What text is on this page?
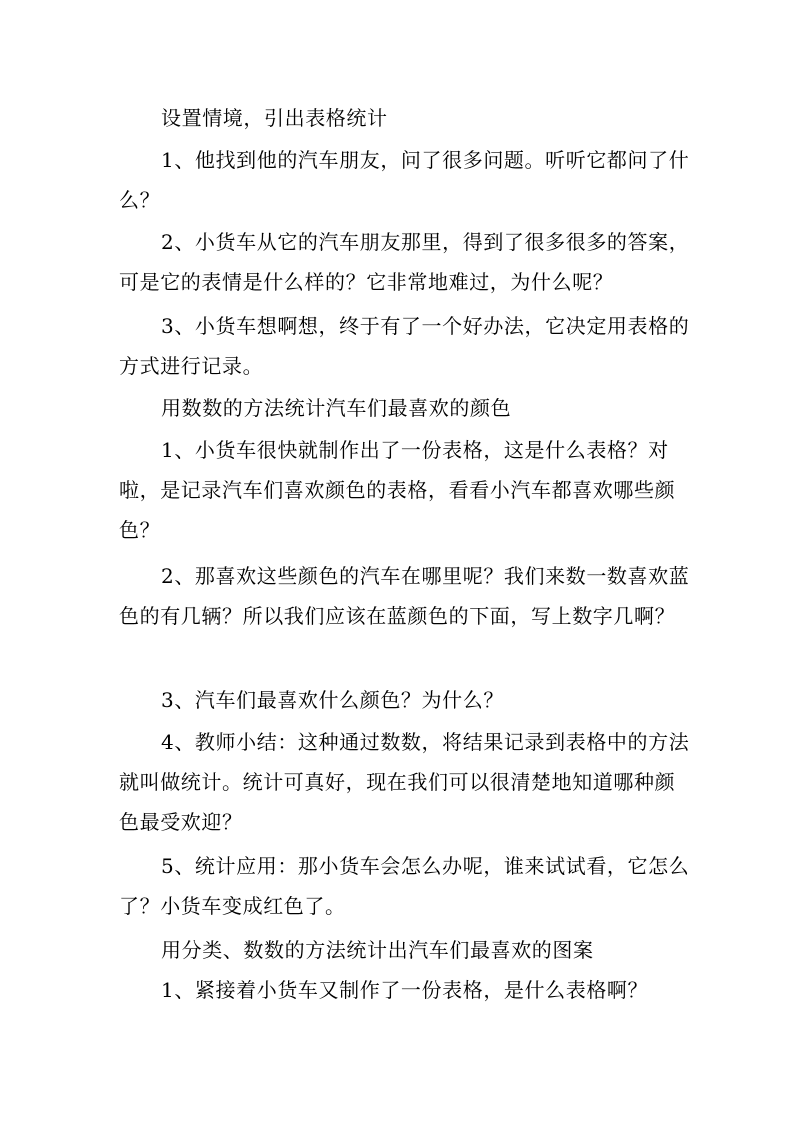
设置情境，引出表格统计

1、他找到他的汽车朋友，问了很多问题。听听它都问了什么？

2、小货车从它的汽车朋友那里，得到了很多很多的答案，可是它的表情是什么样的？它非常地难过，为什么呢？

3、小货车想啊想，终于有了一个好办法，它决定用表格的方式进行记录。

用数数的方法统计汽车们最喜欢的颜色

1、小货车很快就制作出了一份表格，这是什么表格？对啦，是记录汽车们喜欢颜色的表格，看看小汽车都喜欢哪些颜色？

2、那喜欢这些颜色的汽车在哪里呢？我们来数一数喜欢蓝色的有几辆？所以我们应该在蓝颜色的下面，写上数字几啊？

3、汽车们最喜欢什么颜色？为什么？

4、教师小结：这种通过数数，将结果记录到表格中的方法就叫做统计。统计可真好，现在我们可以很清楚地知道哪种颜色最受欢迎？

5、统计应用：那小货车会怎么办呢，谁来试试看，它怎么了？小货车变成红色了。

用分类、数数的方法统计出汽车们最喜欢的图案

1、紧接着小货车又制作了一份表格，是什么表格啊？
